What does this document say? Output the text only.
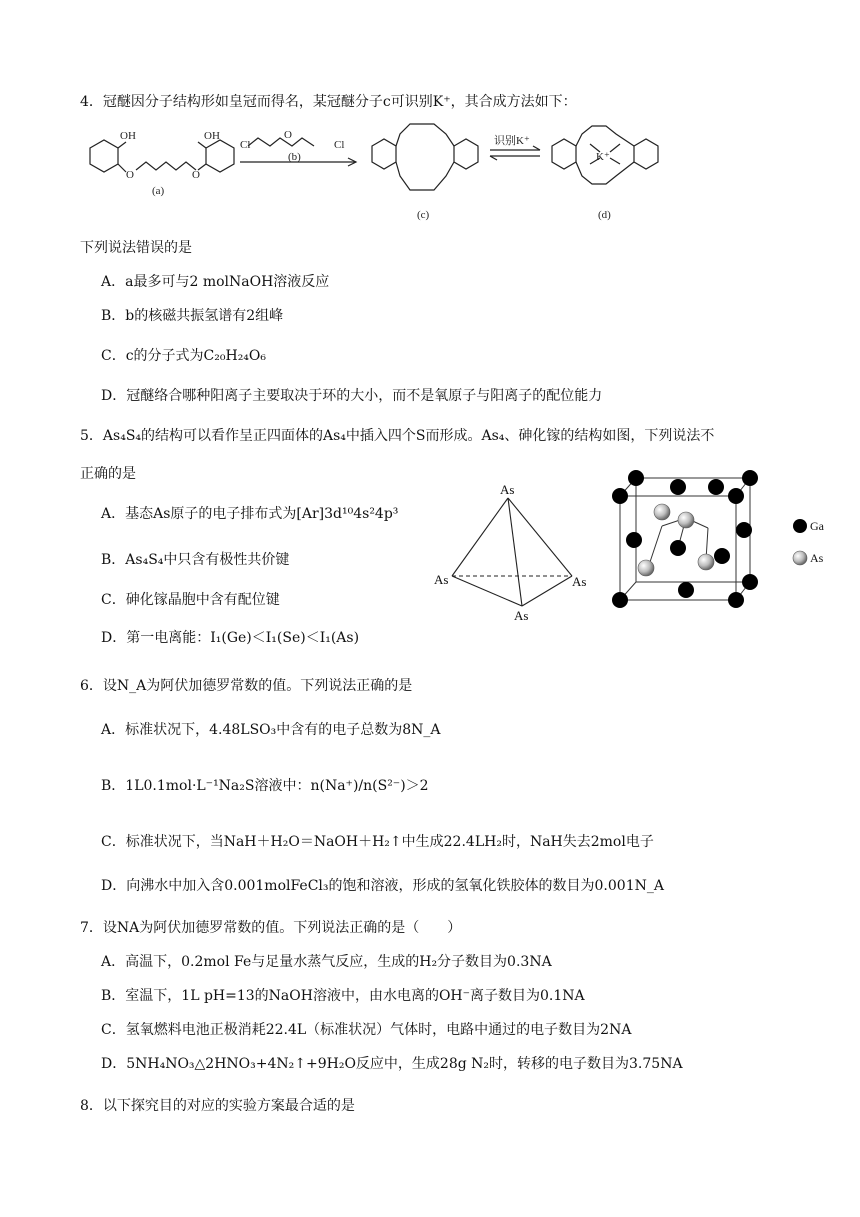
4．冠醚因分子结构形如皇冠而得名，某冠醚分子c可识别K⁺，其合成方法如下：
OH	OH
O	O
Cl
O
Cl
(b)
(a)
(c)
识别K⁺
(d)
K⁺
下列说法错误的是
A．a最多可与2 molNaOH溶液反应
B．b的核磁共振氢谱有2组峰
C．c的分子式为C₂₀H₂₄O₆
D．冠醚络合哪种阳离子主要取决于环的大小，而不是氧原子与阳离子的配位能力
5．As₄S₄的结构可以看作呈正四面体的As₄中插入四个S而形成。As₄、砷化镓的结构如图，下列说法不
正确的是
A．基态As原子的电子排布式为[Ar]3d¹⁰4s²4p³
B．As₄S₄中只含有极性共价键
C．砷化镓晶胞中含有配位键
D．第一电离能：I₁(Ge)＜I₁(Se)＜I₁(As)
As
As	As
As
Ga
As
6．设N_A为阿伏加德罗常数的值。下列说法正确的是
A．标准状况下，4.48LSO₃中含有的电子总数为8N_A
B．1L0.1mol·L⁻¹Na₂S溶液中：n(Na⁺)/n(S²⁻)＞2
C．标准状况下，当NaH＋H₂O＝NaOH＋H₂↑中生成22.4LH₂时，NaH失去2mol电子
D．向沸水中加入含0.001molFeCl₃的饱和溶液，形成的氢氧化铁胶体的数目为0.001N_A
7．设NA为阿伏加德罗常数的值。下列说法正确的是（　　）
A．高温下，0.2mol Fe与足量水蒸气反应，生成的H₂分子数目为0.3NA
B．室温下，1L pH=13的NaOH溶液中，由水电离的OH⁻离子数目为0.1NA
C．氢氧燃料电池正极消耗22.4L（标准状况）气体时，电路中通过的电子数目为2NA
D．5NH₄NO₃△2HNO₃+4N₂↑+9H₂O反应中，生成28g N₂时，转移的电子数目为3.75NA
8．以下探究目的对应的实验方案最合适的是
